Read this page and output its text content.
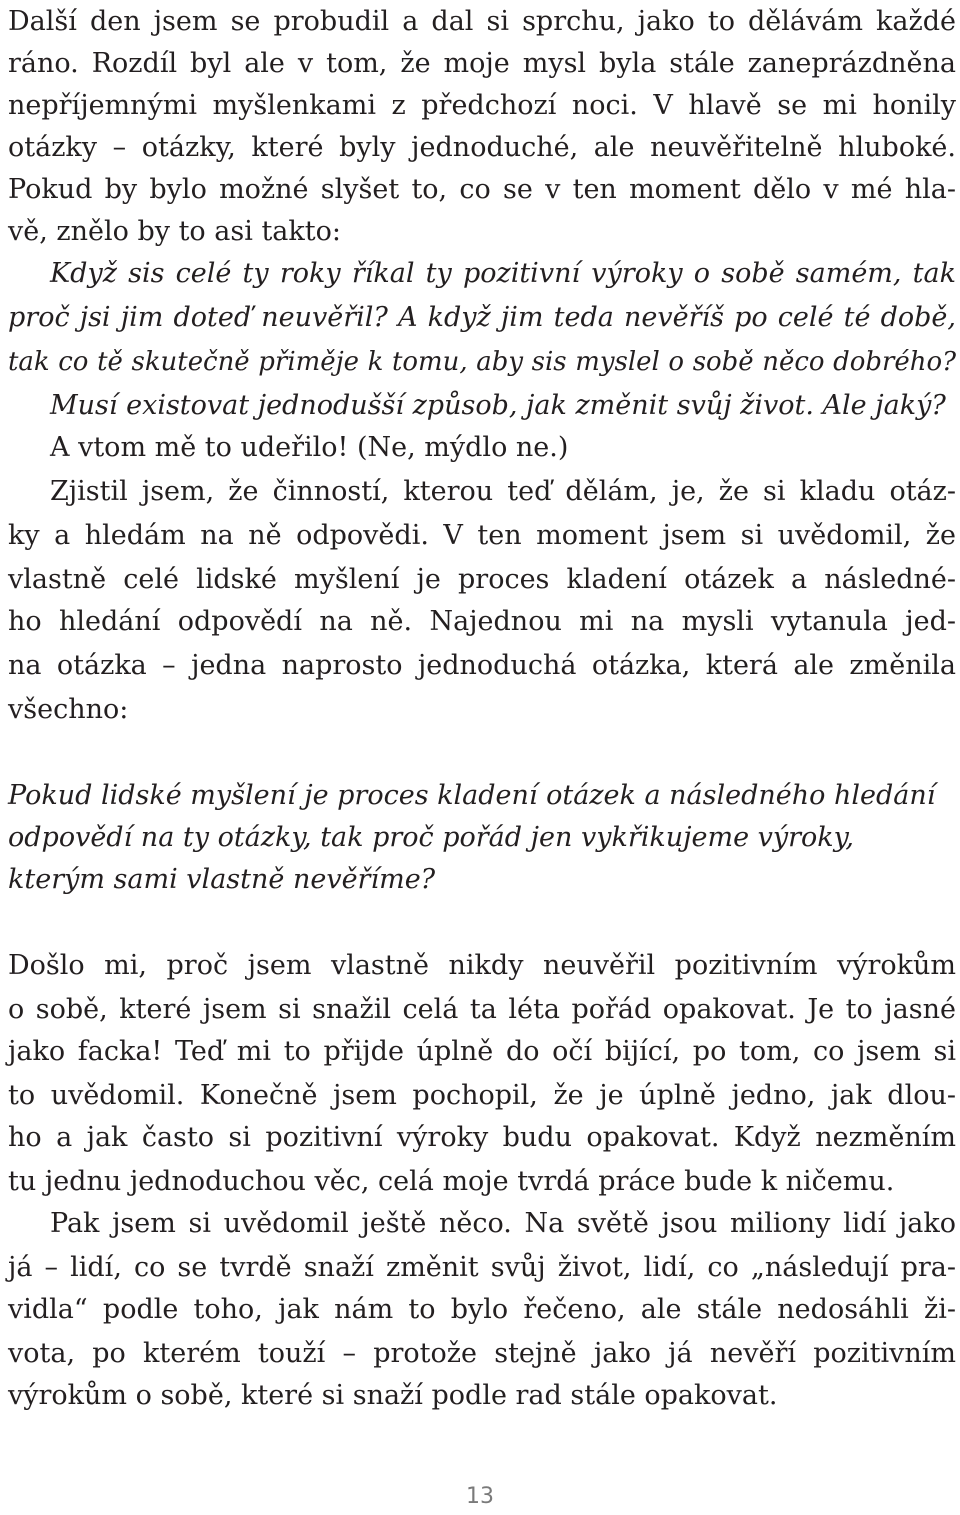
Další den jsem se probudil a dal si sprchu, jako to dělávám každé
ráno. Rozdíl byl ale v tom, že moje mysl byla stále zaneprázdněna
nepříjemnými myšlenkami z předchozí noci. V hlavě se mi honily
otázky – otázky, které byly jednoduché, ale neuvěřitelně hluboké.
Pokud by bylo možné slyšet to, co se v ten moment dělo v mé hla-
vě, znělo by to asi takto:
Když sis celé ty roky říkal ty pozitivní výroky o sobě samém, tak
proč jsi jim doteď neuvěřil? A když jim teda nevěříš po celé té době,
tak co tě skutečně přiměje k tomu, aby sis myslel o sobě něco dobrého?
Musí existovat jednodušší způsob, jak změnit svůj život. Ale jaký?
A vtom mě to udeřilo! (Ne, mýdlo ne.)
Zjistil jsem, že činností, kterou teď dělám, je, že si kladu otáz-
ky a hledám na ně odpovědi. V ten moment jsem si uvědomil, že
vlastně celé lidské myšlení je proces kladení otázek a následné-
ho hledání odpovědí na ně. Najednou mi na mysli vytanula jed-
na otázka – jedna naprosto jednoduchá otázka, která ale změnila
všechno:
Pokud lidské myšlení je proces kladení otázek a následného hledání
odpovědí na ty otázky, tak proč pořád jen vykřikujeme výroky,
kterým sami vlastně nevěříme?
Došlo mi, proč jsem vlastně nikdy neuvěřil pozitivním výrokům
o sobě, které jsem si snažil celá ta léta pořád opakovat. Je to jasné
jako facka! Teď mi to přijde úplně do očí bijící, po tom, co jsem si
to uvědomil. Konečně jsem pochopil, že je úplně jedno, jak dlou-
ho a jak často si pozitivní výroky budu opakovat. Když nezměním
tu jednu jednoduchou věc, celá moje tvrdá práce bude k ničemu.
Pak jsem si uvědomil ještě něco. Na světě jsou miliony lidí jako
já – lidí, co se tvrdě snaží změnit svůj život, lidí, co „následují pra-
vidla“ podle toho, jak nám to bylo řečeno, ale stále nedosáhli ži-
vota, po kterém touží – protože stejně jako já nevěří pozitivním
výrokům o sobě, které si snaží podle rad stále opakovat.
13
